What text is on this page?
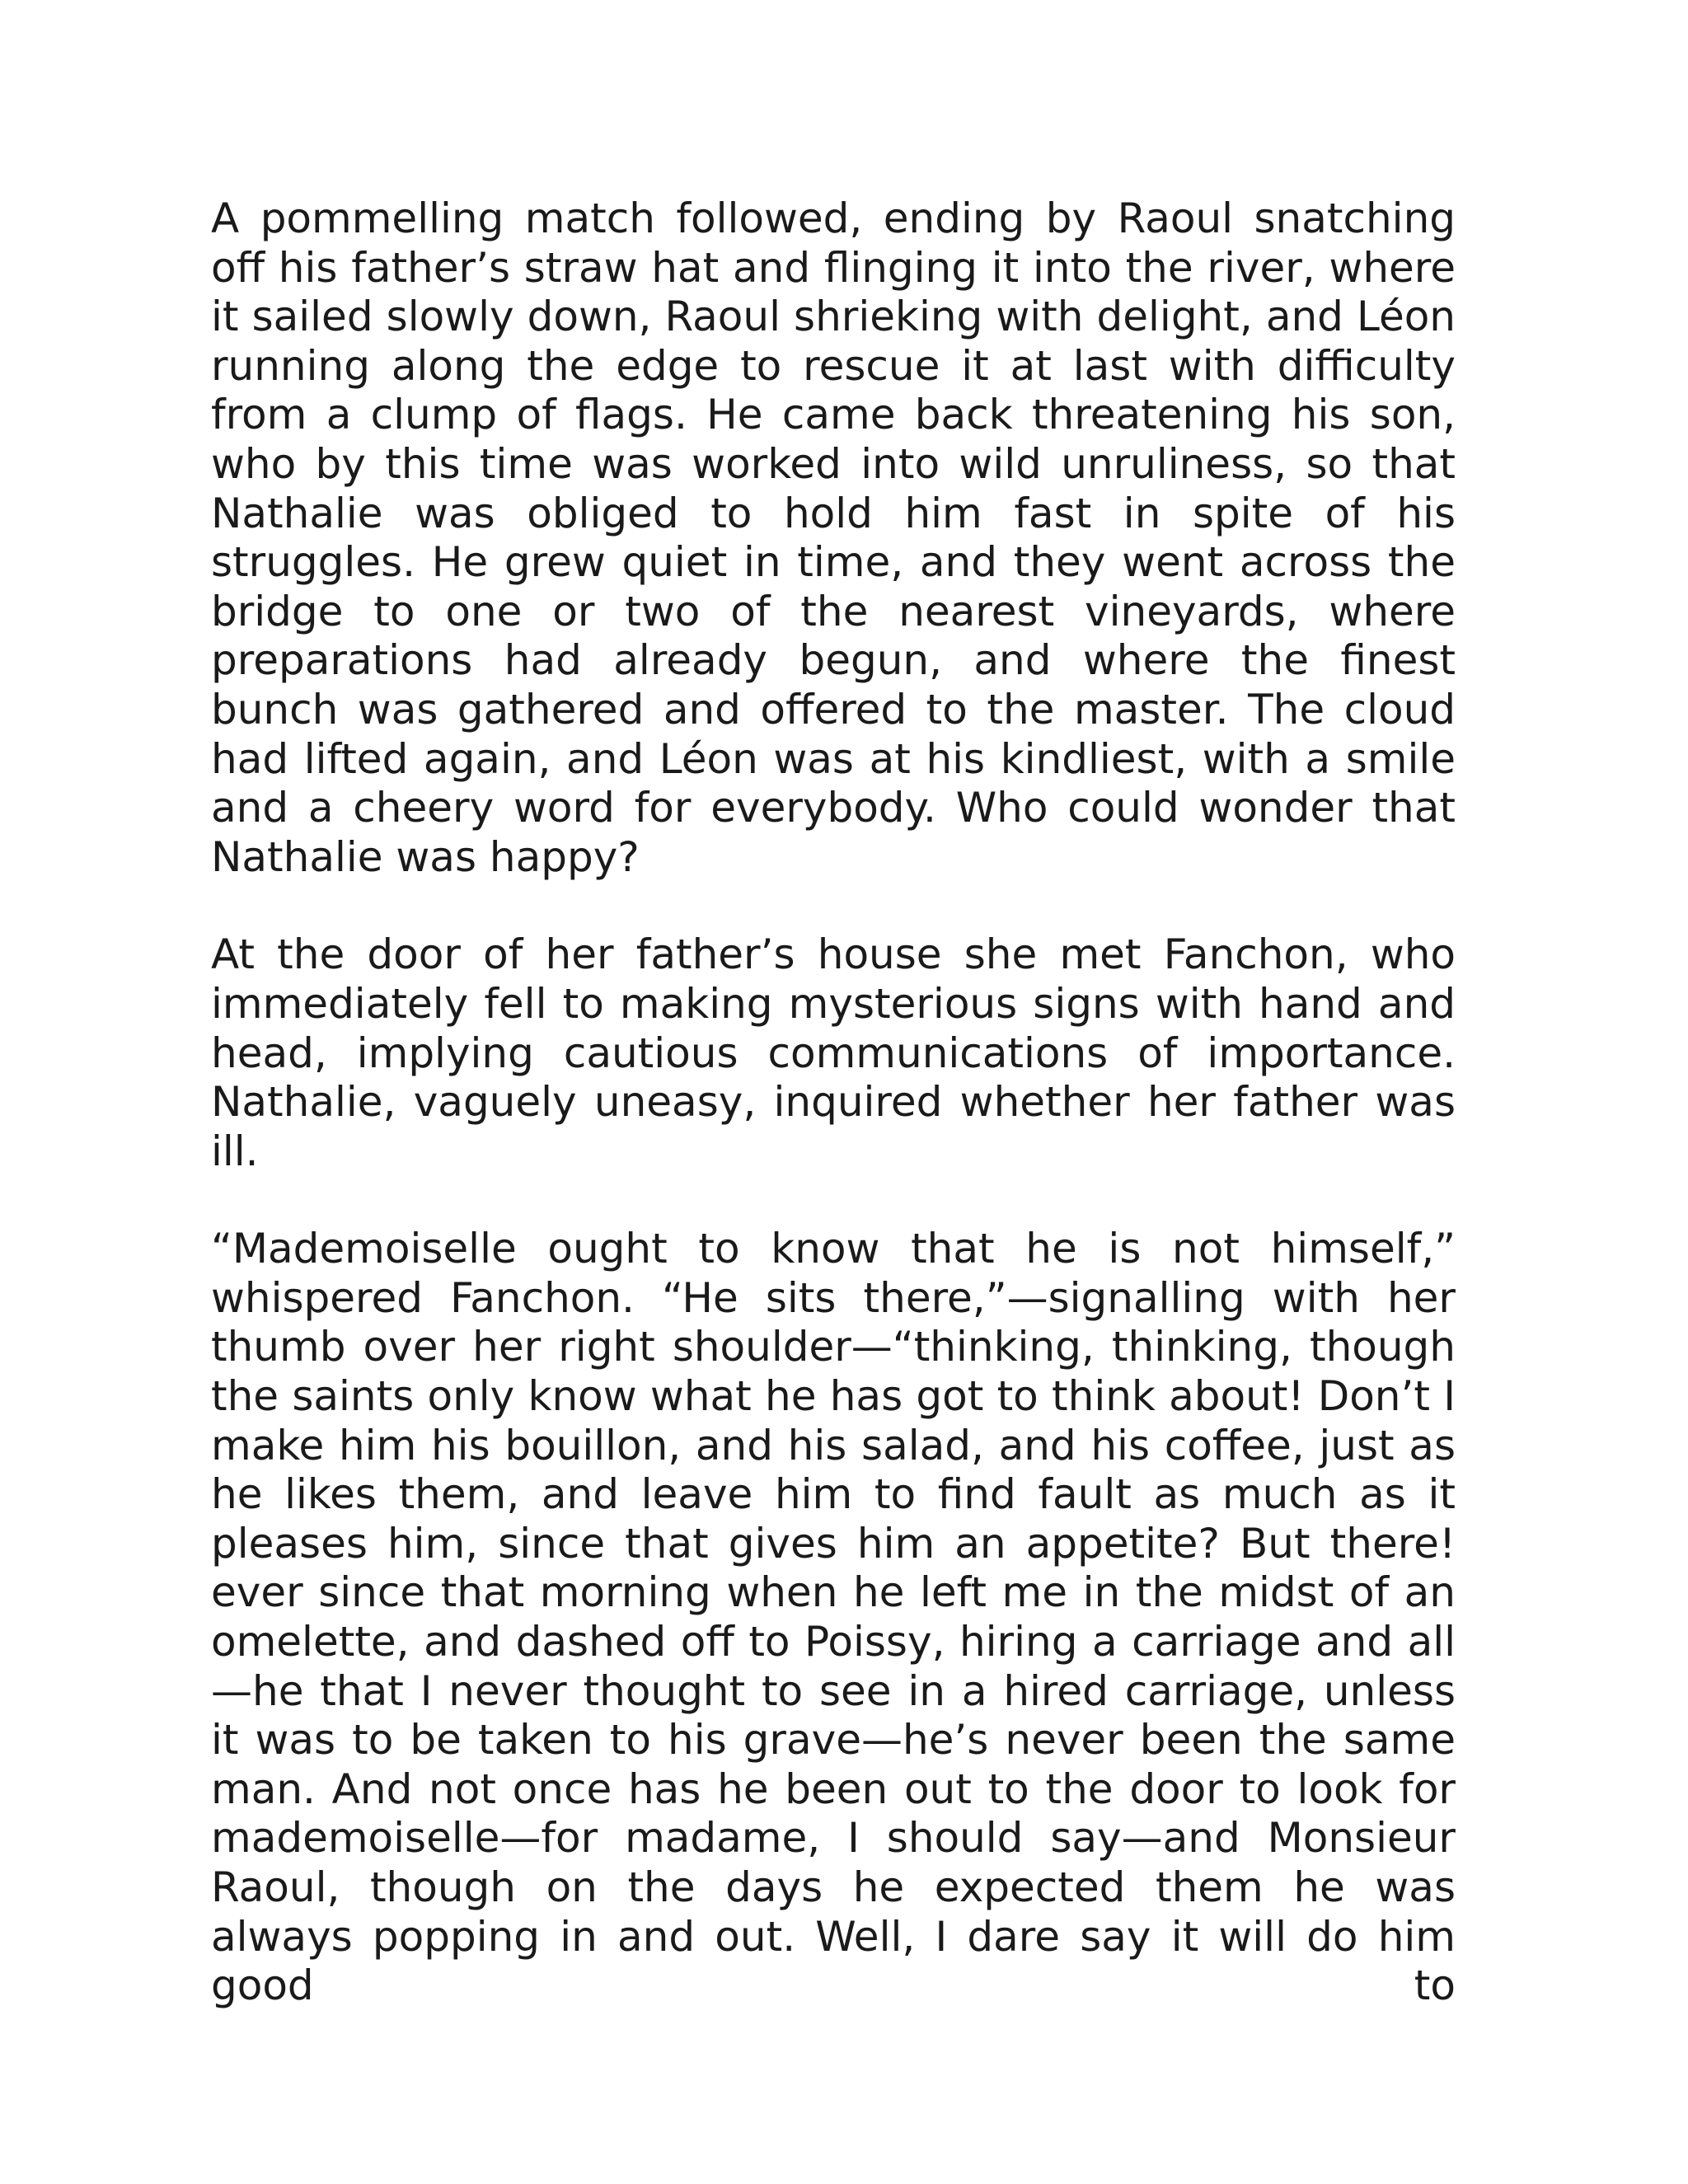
A pommelling match followed, ending by Raoul snatching off his father’s straw hat and flinging it into the river, where it sailed slowly down, Raoul shrieking with delight, and Léon running along the edge to rescue it at last with difficulty from a clump of flags. He came back threatening his son, who by this time was worked into wild unruliness, so that Nathalie was obliged to hold him fast in spite of his struggles. He grew quiet in time, and they went across the bridge to one or two of the nearest vineyards, where preparations had already begun, and where the finest bunch was gathered and offered to the master. The cloud had lifted again, and Léon was at his kindliest, with a smile and a cheery word for everybody. Who could wonder that Nathalie was happy?

At the door of her father’s house she met Fanchon, who immediately fell to making mysterious signs with hand and head, implying cautious communications of importance. Nathalie, vaguely uneasy, inquired whether her father was ill.

“Mademoiselle ought to know that he is not himself,” whispered Fanchon. “He sits there,”—signalling with her thumb over her right shoulder—“thinking, thinking, though the saints only know what he has got to think about! Don’t I make him his bouillon, and his salad, and his coffee, just as he likes them, and leave him to find fault as much as it pleases him, since that gives him an appetite? But there! ever since that morning when he left me in the midst of an omelette, and dashed off to Poissy, hiring a carriage and all —he that I never thought to see in a hired carriage, unless it was to be taken to his grave—he’s never been the same man. And not once has he been out to the door to look for mademoiselle—for madame, I should say—and Monsieur Raoul, though on the days he expected them he was always popping in and out. Well, I dare say it will do him good to
